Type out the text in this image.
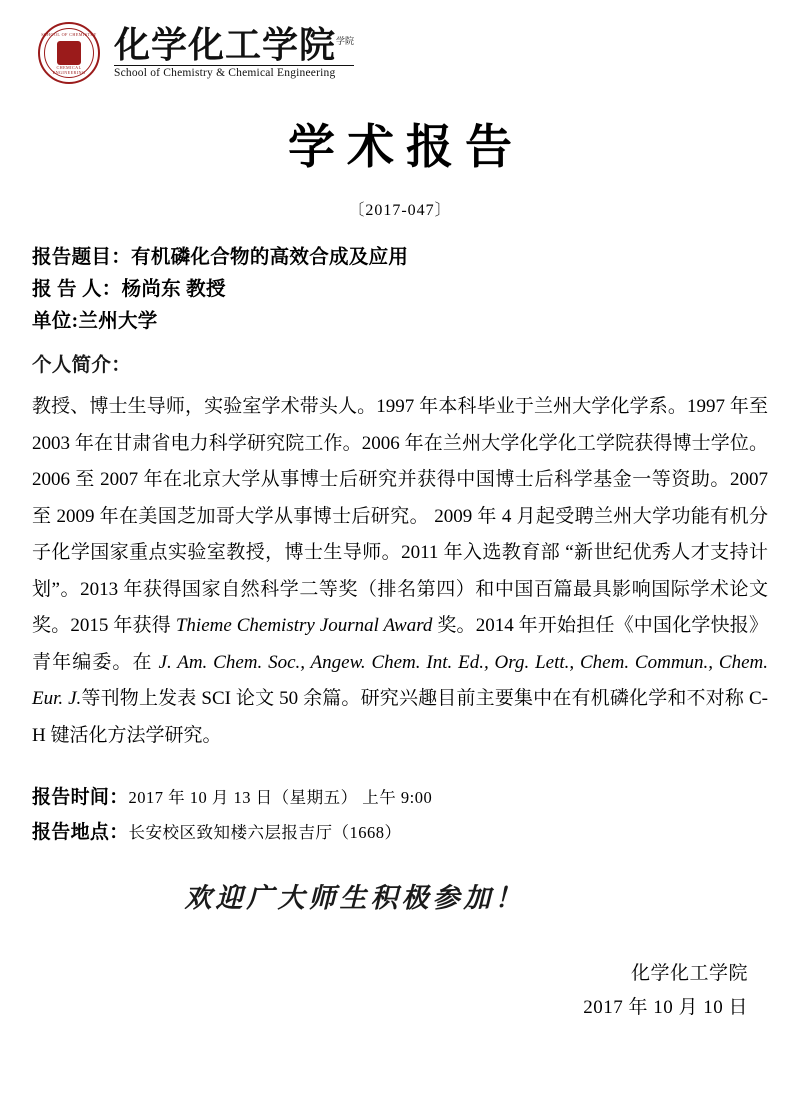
SCHOOL OF CHEMISTRY
CHEMICAL ENGINEERING
化学化工学院$^{学院}$
School of Chemistry & Chemical Engineering
学术报告
〔2017-047〕
报告题目：有机磷化合物的高效合成及应用
报 告 人：杨尚东 教授
单位:兰州大学
个人简介：
教授、博士生导师，实验室学术带头人。1997 年本科毕业于兰州大学化学系。1997 年至 2003 年在甘肃省电力科学研究院工作。2006 年在兰州大学化学化工学院获得博士学位。2006 至 2007 年在北京大学从事博士后研究并获得中国博士后科学基金一等资助。2007 至 2009 年在美国芝加哥大学从事博士后研究。 2009 年 4 月起受聘兰州大学功能有机分子化学国家重点实验室教授，博士生导师。2011 年入选教育部 “新世纪优秀人才支持计划”。2013 年获得国家自然科学二等奖（排名第四）和中国百篇最具影响国际学术论文奖。2015 年获得 Thieme Chemistry Journal Award 奖。2014 年开始担任《中国化学快报》青年编委。在 J. Am. Chem. Soc., Angew. Chem. Int. Ed., Org. Lett., Chem. Commun., Chem. Eur. J.等刊物上发表 SCI 论文 50 余篇。研究兴趣目前主要集中在有机磷化学和不对称 C-H 键活化方法学研究。
报告时间：2017 年 10 月 13 日（星期五） 上午 9:00
报告地点：长安校区致知楼六层报吉厅（1668）
欢迎广大师生积极参加！
化学化工学院
2017 年 10 月 10 日
